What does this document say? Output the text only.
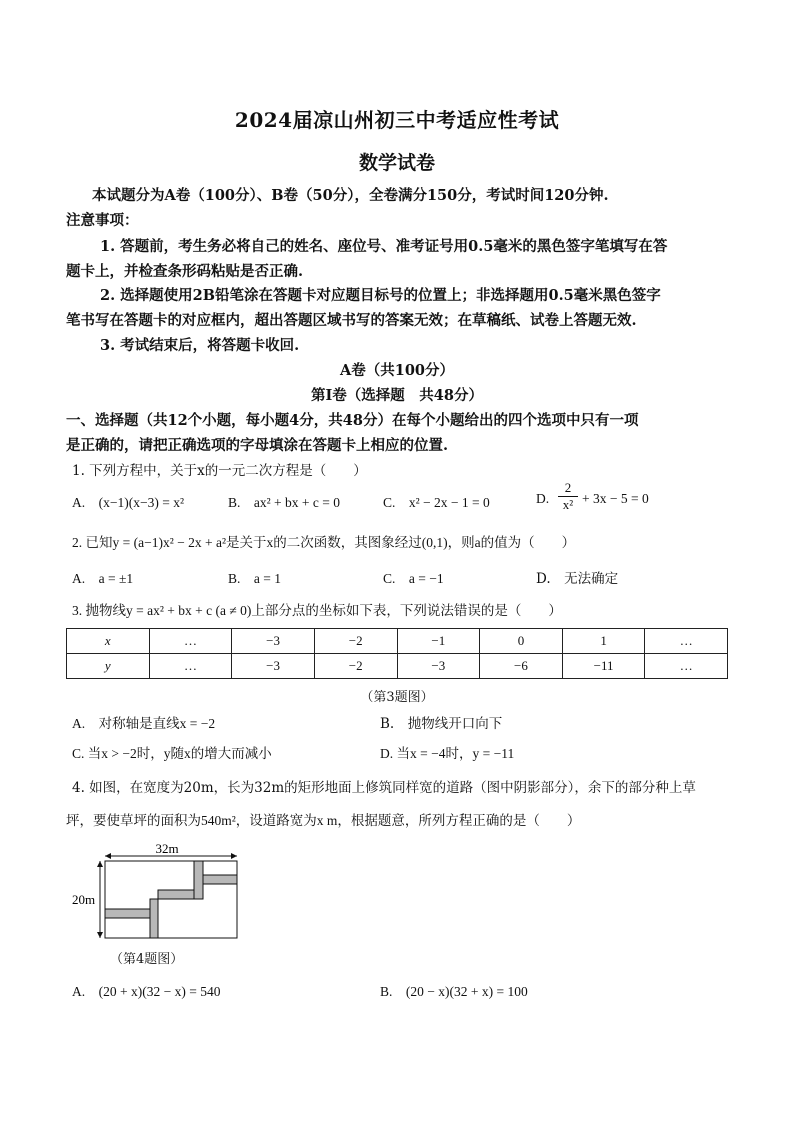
2024届凉山州初三中考适应性考试
数学试卷
本试题分为A卷（100分）、B卷（50分），全卷满分150分，考试时间120分钟.
注意事项：
1. 答题前，考生务必将自己的姓名、座位号、准考证号用0.5毫米的黑色签字笔填写在答
题卡上，并检查条形码粘贴是否正确.
2. 选择题使用2B铅笔涂在答题卡对应题目标号的位置上；非选择题用0.5毫米黑色签字
笔书写在答题卡的对应框内，超出答题区域书写的答案无效；在草稿纸、试卷上答题无效.
3. 考试结束后，将答题卡收回.
A卷（共100分）
第Ⅰ卷（选择题　共48分）
一、选择题（共12个小题，每小题4分，共48分）在每个小题给出的四个选项中只有一项
是正确的，请把正确选项的字母填涂在答题卡上相应的位置.
1. 下列方程中，关于x的一元二次方程是（　　）
A.　(x−1)(x−3) = x²	B.　ax² + bx + c = 0	C.　x² − 2x − 1 = 0	D.
2
x² + 3x − 5 = 0
2. 已知y = (a−1)x² − 2x + a²是关于x的二次函数，其图象经过(0,1)，则a的值为（　　）
A.　a = ±1	B.　a = 1	C.　a = −1	D.　无法确定
3. 抛物线y = ax² + bx + c (a ≠ 0)上部分点的坐标如下表，下列说法错误的是（　　）
x	…	−3	−2	−1	0	1	…
y	…	−3	−2	−3	−6	−11	…
（第3题图）
A.　对称轴是直线x = −2	B.　抛物线开口向下
C. 当x > −2时，y随x的增大而减小	D. 当x = −4时，y = −11
4. 如图，在宽度为20m，长为32m的矩形地面上修筑同样宽的道路（图中阴影部分），余下的部分种上草
坪，要使草坪的面积为540m²，设道路宽为x m，根据题意，所列方程正确的是（　　）
32m
20m
（第4题图）
A.　(20 + x)(32 − x) = 540	B.　(20 − x)(32 + x) = 100
